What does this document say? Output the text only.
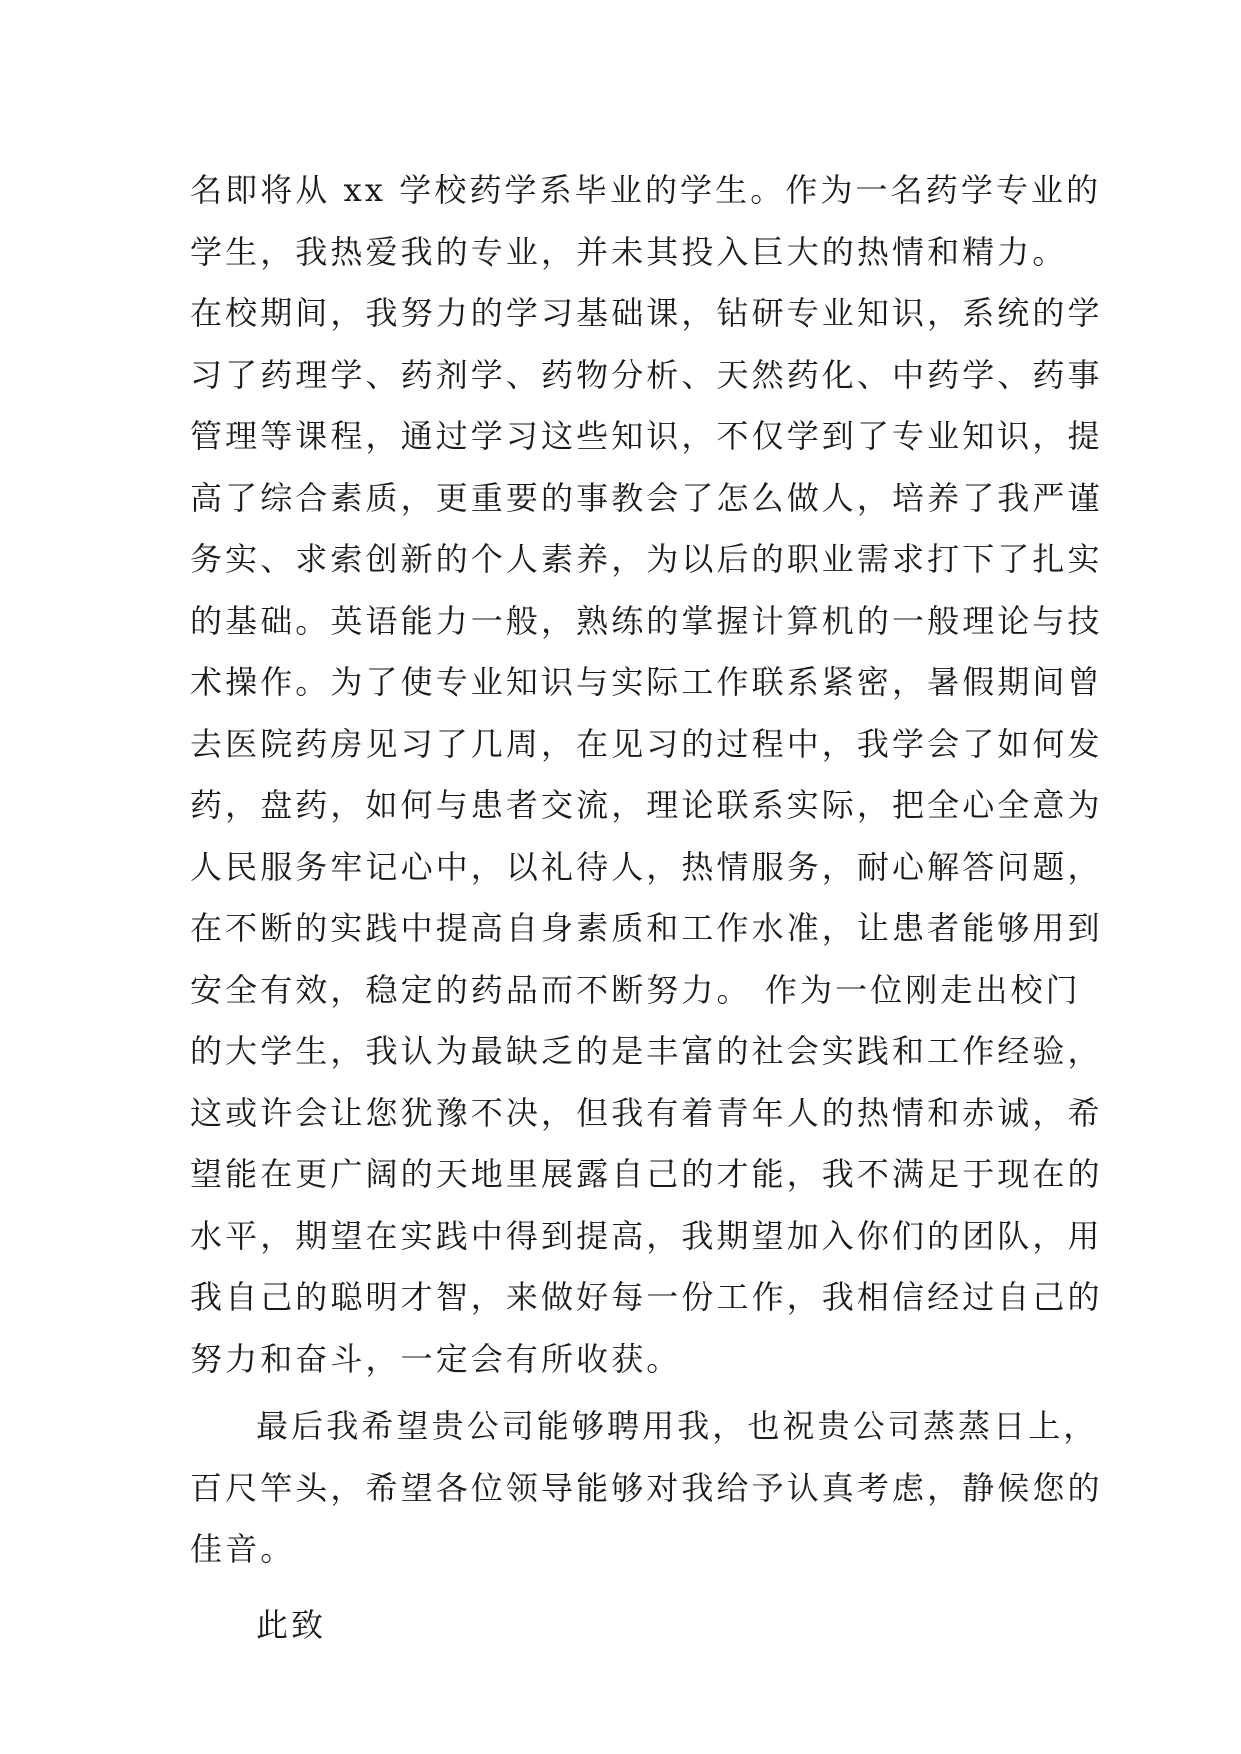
名即将从 xx 学校药学系毕业的学生。作为一名药学专业的
学生，我热爱我的专业，并未其投入巨大的热情和精力。
在校期间，我努力的学习基础课，钻研专业知识，系统的学
习了药理学、药剂学、药物分析、天然药化、中药学、药事
管理等课程，通过学习这些知识，不仅学到了专业知识，提
高了综合素质，更重要的事教会了怎么做人，培养了我严谨
务实、求索创新的个人素养，为以后的职业需求打下了扎实
的基础。英语能力一般，熟练的掌握计算机的一般理论与技
术操作。为了使专业知识与实际工作联系紧密，暑假期间曾
去医院药房见习了几周，在见习的过程中，我学会了如何发
药，盘药，如何与患者交流，理论联系实际，把全心全意为
人民服务牢记心中，以礼待人，热情服务，耐心解答问题，
在不断的实践中提高自身素质和工作水准，让患者能够用到
安全有效，稳定的药品而不断努力。 作为一位刚走出校门
的大学生，我认为最缺乏的是丰富的社会实践和工作经验，
这或许会让您犹豫不决，但我有着青年人的热情和赤诚，希
望能在更广阔的天地里展露自己的才能，我不满足于现在的
水平，期望在实践中得到提高，我期望加入你们的团队，用
我自己的聪明才智，来做好每一份工作，我相信经过自己的
努力和奋斗，一定会有所收获。
最后我希望贵公司能够聘用我，也祝贵公司蒸蒸日上，
百尺竿头，希望各位领导能够对我给予认真考虑，静候您的
佳音。
此致
